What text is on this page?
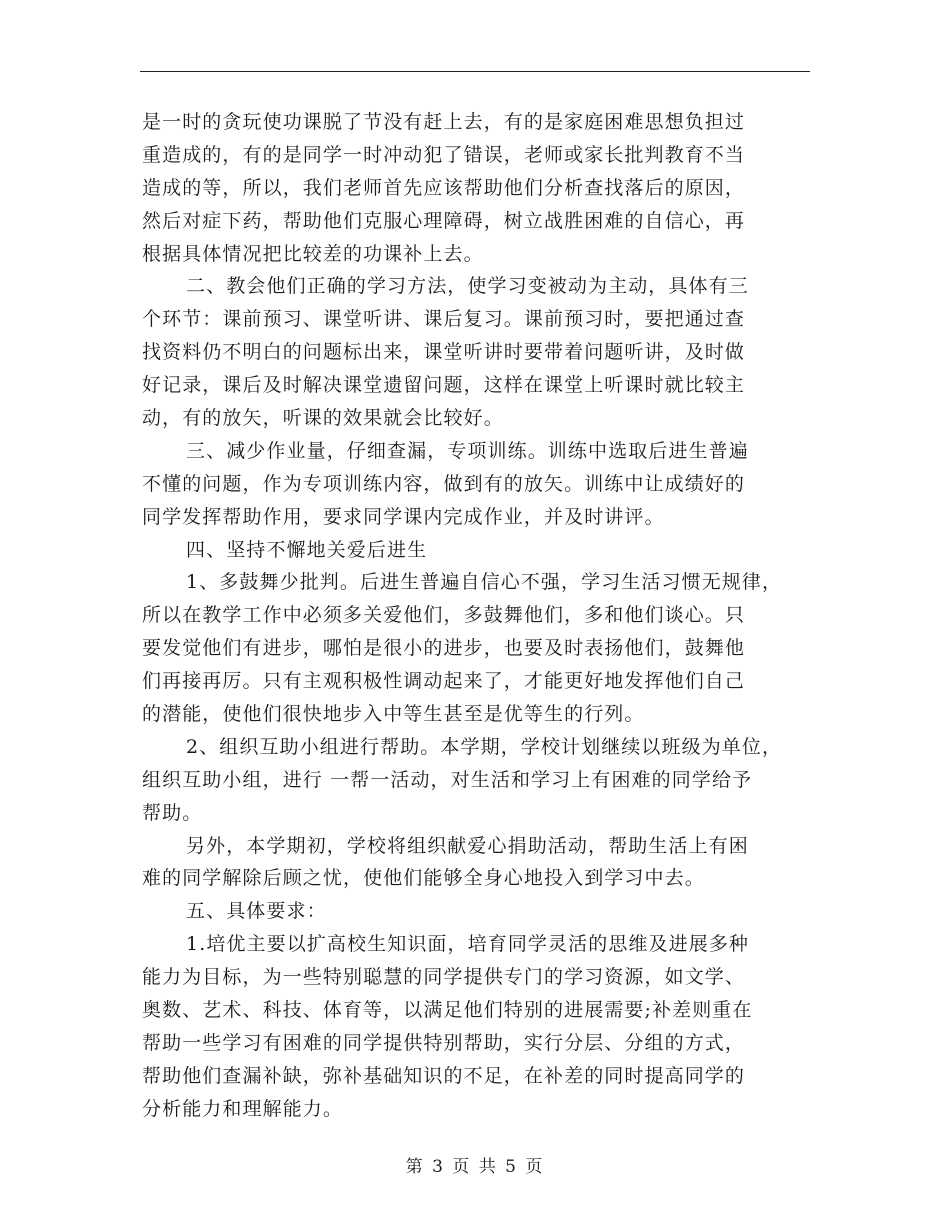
是一时的贪玩使功课脱了节没有赶上去，有的是家庭困难思想负担过
重造成的，有的是同学一时冲动犯了错误，老师或家长批判教育不当
造成的等，所以，我们老师首先应该帮助他们分析查找落后的原因，
然后对症下药，帮助他们克服心理障碍，树立战胜困难的自信心，再
根据具体情况把比较差的功课补上去。
二、教会他们正确的学习方法，使学习变被动为主动，具体有三
个环节：课前预习、课堂听讲、课后复习。课前预习时，要把通过查
找资料仍不明白的问题标出来，课堂听讲时要带着问题听讲，及时做
好记录，课后及时解决课堂遗留问题，这样在课堂上听课时就比较主
动，有的放矢，听课的效果就会比较好。
三、减少作业量，仔细查漏，专项训练。训练中选取后进生普遍
不懂的问题，作为专项训练内容，做到有的放矢。训练中让成绩好的
同学发挥帮助作用，要求同学课内完成作业，并及时讲评。
四、坚持不懈地关爱后进生
1、多鼓舞少批判。后进生普遍自信心不强，学习生活习惯无规律，
所以在教学工作中必须多关爱他们，多鼓舞他们，多和他们谈心。只
要发觉他们有进步，哪怕是很小的进步，也要及时表扬他们，鼓舞他
们再接再厉。只有主观积极性调动起来了，才能更好地发挥他们自己
的潜能，使他们很快地步入中等生甚至是优等生的行列。
2、组织互助小组进行帮助。本学期，学校计划继续以班级为单位，
组织互助小组，进行 一帮一活动，对生活和学习上有困难的同学给予
帮助。
另外，本学期初，学校将组织献爱心捐助活动，帮助生活上有困
难的同学解除后顾之忧，使他们能够全身心地投入到学习中去。
五、具体要求：
1.培优主要以扩高校生知识面，培育同学灵活的思维及进展多种
能力为目标，为一些特别聪慧的同学提供专门的学习资源，如文学、
奥数、艺术、科技、体育等，以满足他们特别的进展需要;补差则重在
帮助一些学习有困难的同学提供特别帮助，实行分层、分组的方式，
帮助他们查漏补缺，弥补基础知识的不足，在补差的同时提高同学的
分析能力和理解能力。
第 3 页 共 5 页
